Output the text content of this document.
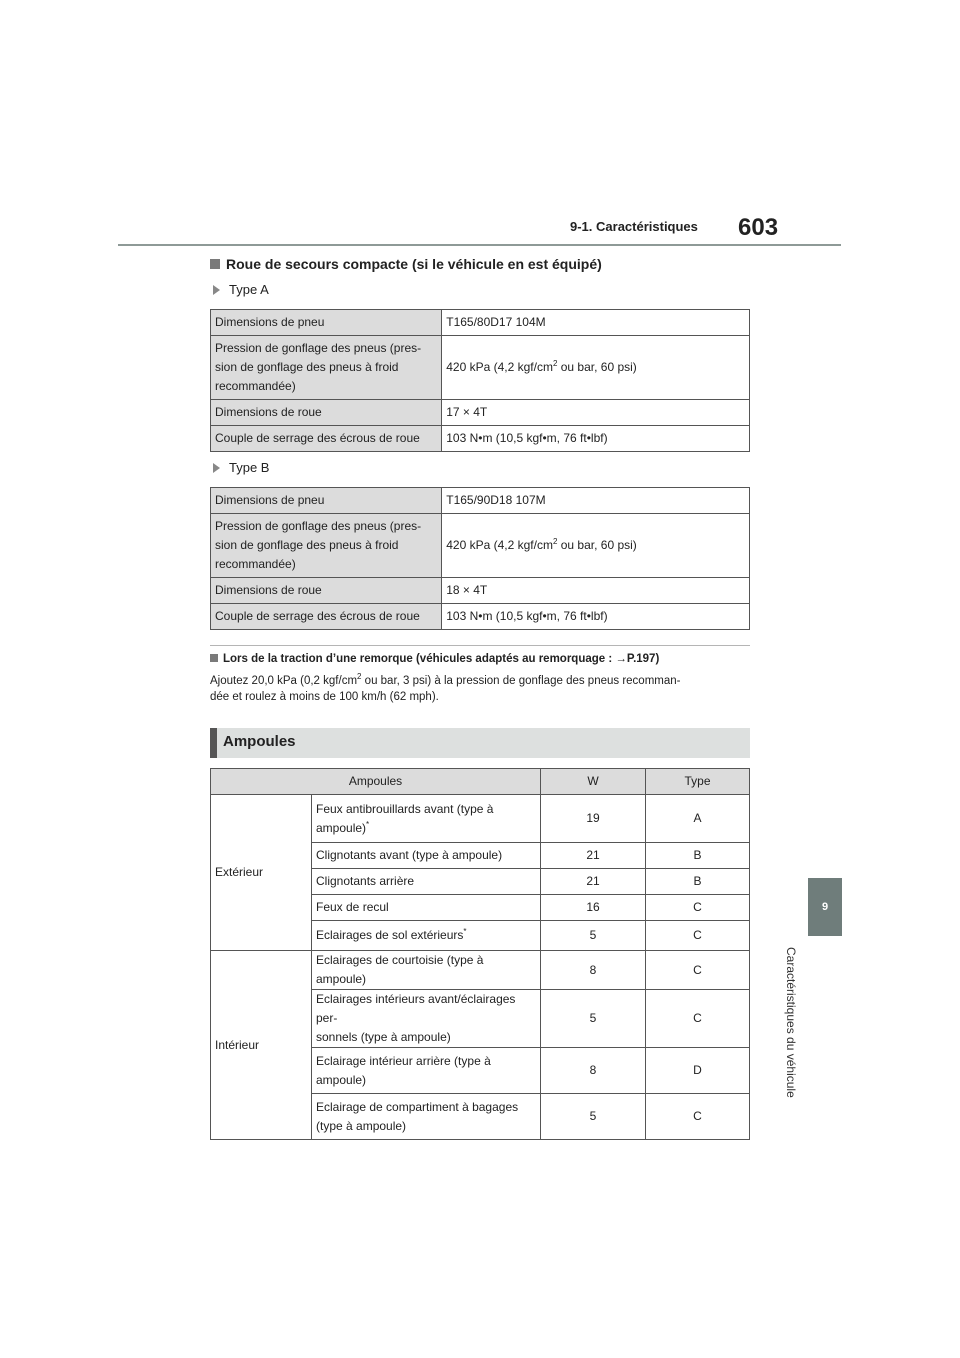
9-1. Caractéristiques 603
9
Caractéristiques du véhicule
Roue de secours compacte (si le véhicule en est équipé)
Type A
Dimensions de pneu	T165/80D17 104M

Pression de gonflage des pneus (pres-
sion de gonflage des pneus à froid
recommandée)	420 kPa (4,2 kgf/$cm^2$ ou bar, 60 psi)
Dimensions de roue	17 × 4T
Couple de serrage des écrous de roue	103 N•m (10,5 kgf•m, 76 ft•lbf)
Type B
Dimensions de pneu	T165/90D18 107M

Pression de gonflage des pneus (pres-
sion de gonflage des pneus à froid
recommandée)	420 kPa (4,2 kgf/$cm^2$ ou bar, 60 psi)
Dimensions de roue	18 × 4T
Couple de serrage des écrous de roue	103 N•m (10,5 kgf•m, 76 ft•lbf)
Lors de la traction d’une remorque (véhicules adaptés au remorquage : →P.197)
Ajoutez 20,0 kPa (0,2 kgf/$cm^2$ ou bar, 3 psi) à la pression de gonflage des pneus recomman-
dée et roulez à moins de 100 km/h (62 mph).
Ampoules
Ampoules		W	Type
Extérieur	Feux antibrouillards avant (type à
ampoule)*	19	A
	Clignotants avant (type à ampoule)	21	B
	Clignotants arrière	21	B
	Feux de recul	16	C
	Eclairages de sol extérieurs*	5	C
Intérieur	Eclairages de courtoisie (type à ampoule)	8	C

	Eclairages intérieurs avant/éclairages per-
sonnels (type à ampoule)	5	C

	Eclairage intérieur arrière (type à
ampoule)	8	D

	Eclairage de compartiment à bagages
(type à ampoule)	5	C
